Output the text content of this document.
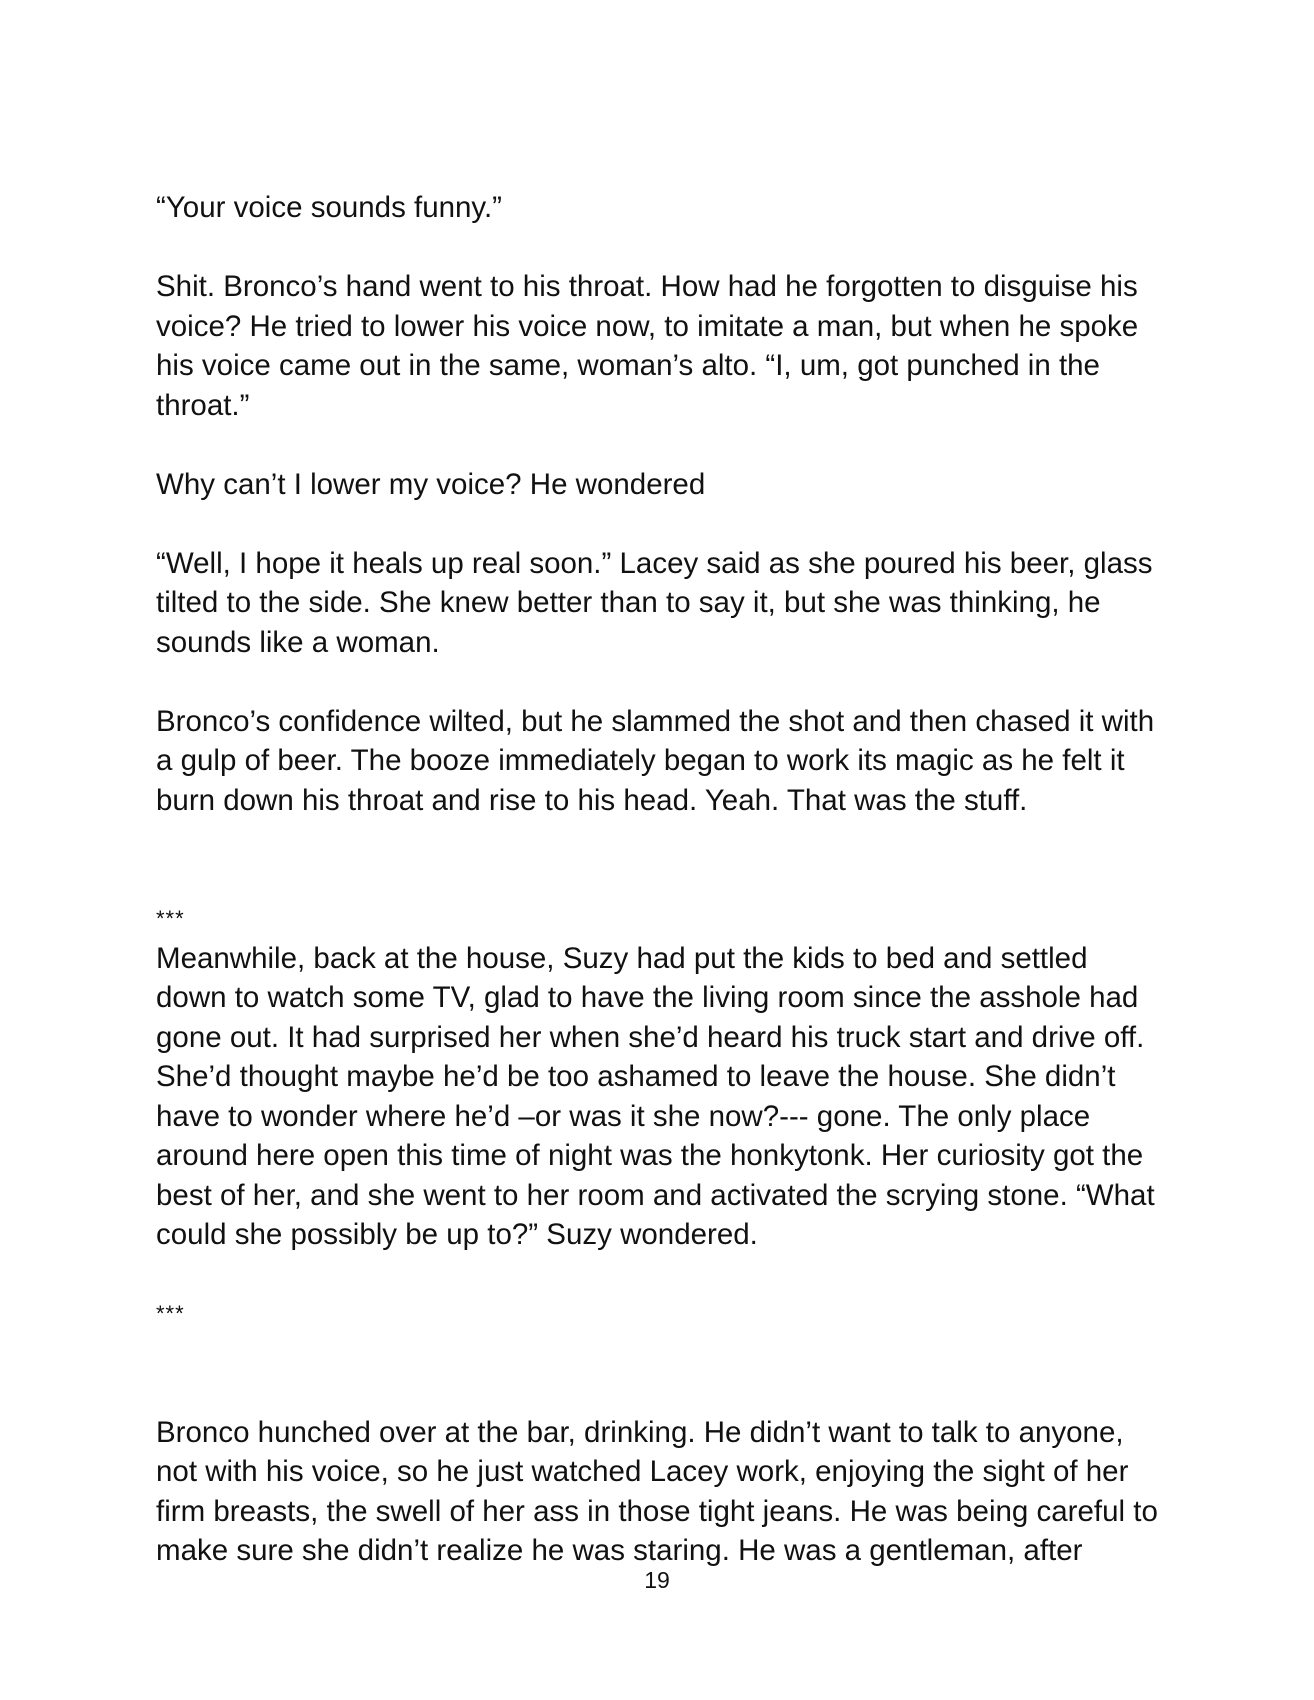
“Your voice sounds funny.”

Shit. Bronco’s hand went to his throat. How had he forgotten to disguise his voice? He tried to lower his voice now, to imitate a man, but when he spoke his voice came out in the same, woman’s alto. “I, um, got punched in the throat.”

Why can’t I lower my voice? He wondered

“Well, I hope it heals up real soon.” Lacey said as she poured his beer, glass tilted to the side. She knew better than to say it, but she was thinking, he sounds like a woman.

Bronco’s confidence wilted, but he slammed the shot and then chased it with a gulp of beer. The booze immediately began to work its magic as he felt it burn down his throat and rise to his head. Yeah. That was the stuff.

***

Meanwhile, back at the house, Suzy had put the kids to bed and settled down to watch some TV, glad to have the living room since the asshole had gone out. It had surprised her when she’d heard his truck start and drive off. She’d thought maybe he’d be too ashamed to leave the house. She didn’t have to wonder where he’d –or was it she now?--- gone. The only place around here open this time of night was the honkytonk. Her curiosity got the best of her, and she went to her room and activated the scrying stone. “What could she possibly be up to?” Suzy wondered.

***

Bronco hunched over at the bar, drinking. He didn’t want to talk to anyone, not with his voice, so he just watched Lacey work, enjoying the sight of her firm breasts, the swell of her ass in those tight jeans. He was being careful to make sure she didn’t realize he was staring. He was a gentleman, after

19
